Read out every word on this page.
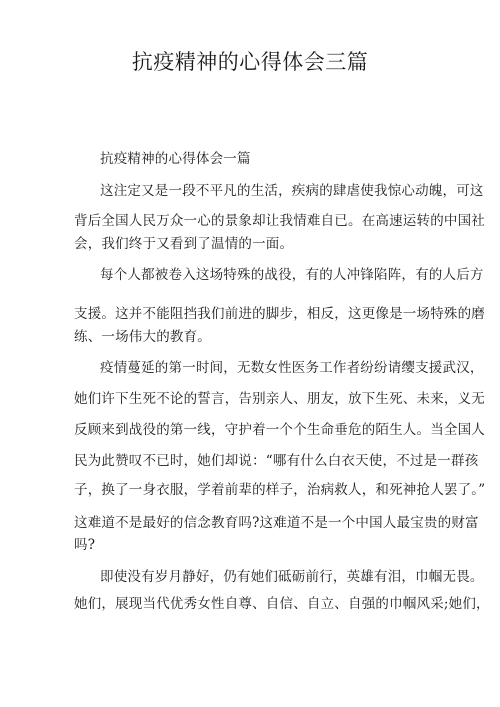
抗疫精神的心得体会三篇
抗疫精神的心得体会一篇
这注定又是一段不平凡的生活，疾病的肆虐使我惊心动魄，可这
背后全国人民万众一心的景象却让我情难自已。在高速运转的中国社
会，我们终于又看到了温情的一面。
每个人都被卷入这场特殊的战役，有的人冲锋陷阵，有的人后方
支援。这并不能阻挡我们前进的脚步，相反，这更像是一场特殊的磨
练、一场伟大的教育。
疫情蔓延的第一时间，无数女性医务工作者纷纷请缨支援武汉，
她们许下生死不论的誓言，告别亲人、朋友，放下生死、未来，义无
反顾来到战役的第一线，守护着一个个生命垂危的陌生人。当全国人
民为此赞叹不已时，她们却说：“哪有什么白衣天使，不过是一群孩
子，换了一身衣服，学着前辈的样子，治病救人，和死神抢人罢了。”
这难道不是最好的信念教育吗?这难道不是一个中国人最宝贵的财富
吗?
即使没有岁月静好，仍有她们砥砺前行，英雄有泪，巾帼无畏。
她们，展现当代优秀女性自尊、自信、自立、自强的巾帼风采;她们，
